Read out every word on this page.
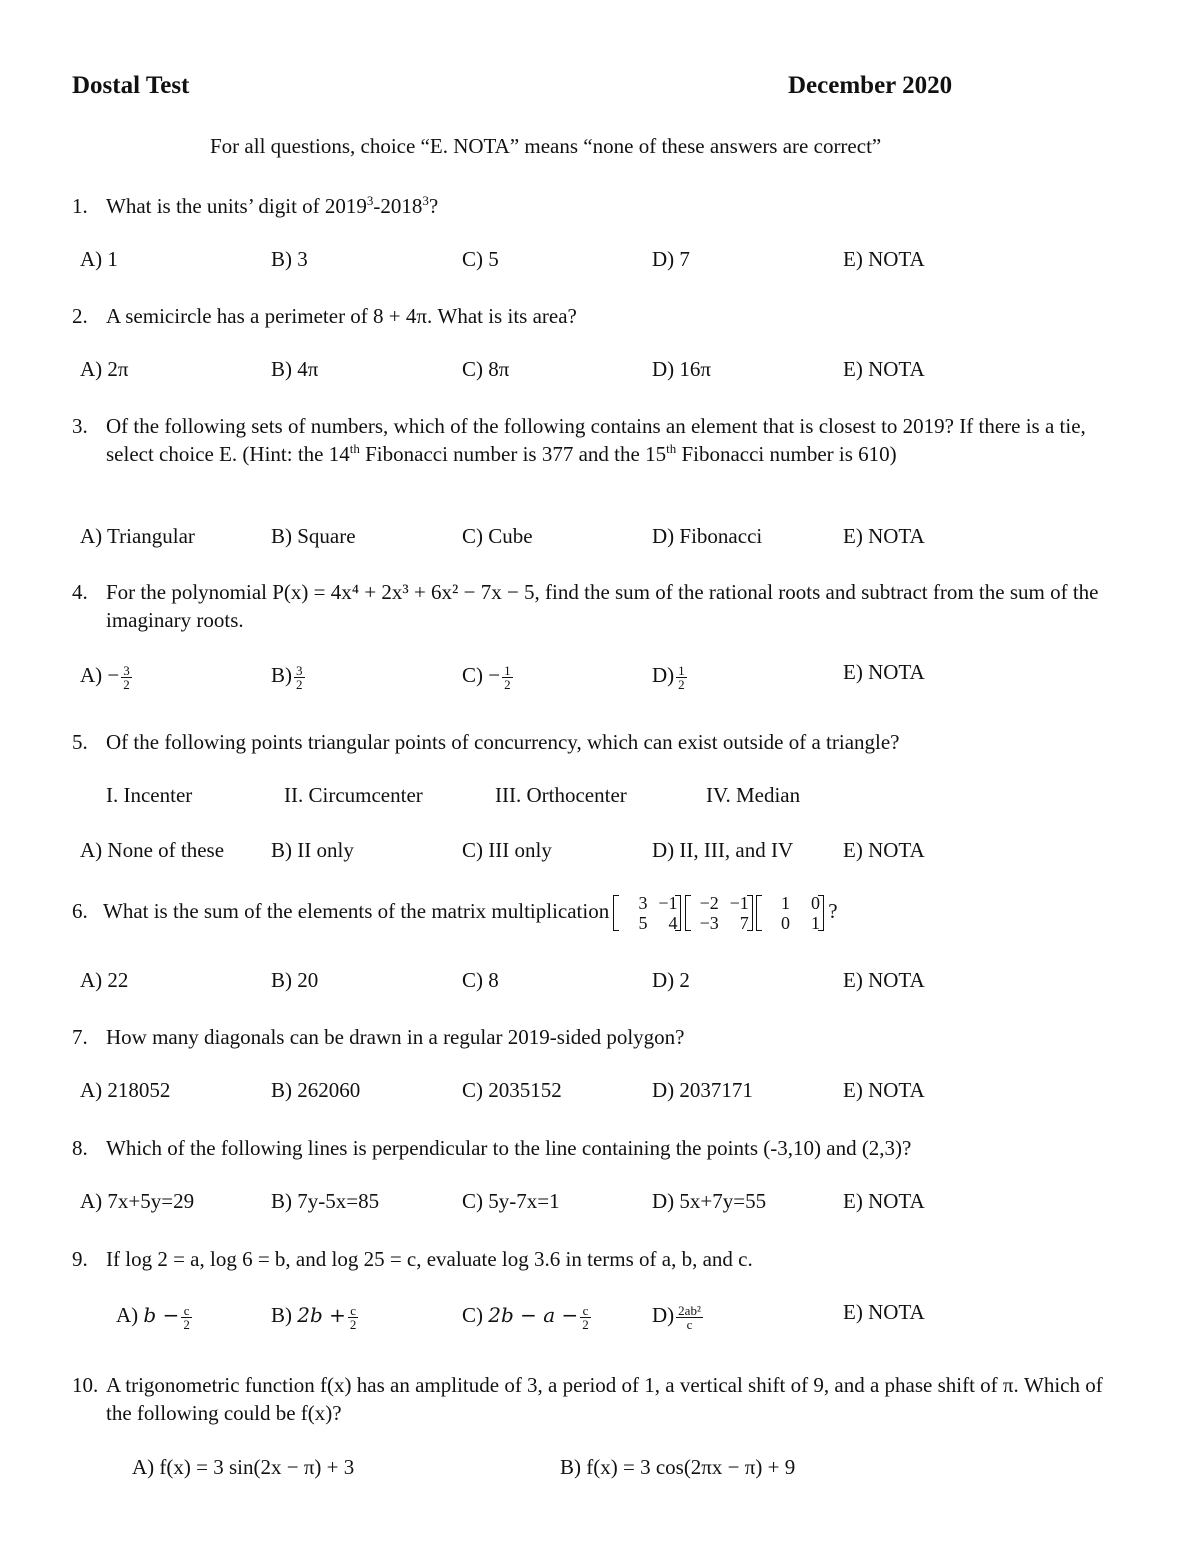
Dostal Test	December 2020
For all questions, choice “E. NOTA” means “none of these answers are correct”
1. What is the units’ digit of 2019$^3$-2018$^3$?
A) 1	B) 3	C) 5	D) 7	E) NOTA
2. A semicircle has a perimeter of 8 + 4π. What is its area?
A) 2π	B) 4π	C) 8π	D) 16π	E) NOTA
3. Of the following sets of numbers, which of the following contains an element that is closest to 2019? If there is a tie, select choice E. (Hint: the 14th Fibonacci number is 377 and the 15th Fibonacci number is 610)
A) Triangular	B) Square	C) Cube	D) Fibonacci	E) NOTA
4. For the polynomial P(x) = 4x⁴ + 2x³ + 6x² − 7x − 5, find the sum of the rational roots and subtract from the sum of the imaginary roots.
$A) - \frac{3}{2}$	$B) \frac{3}{2}$	$C) - \frac{1}{2}$	$D) \frac{1}{2}$	E) NOTA
5. Of the following points triangular points of concurrency, which can exist outside of a triangle?
I. Incenter	II. Circumcenter	III. Orthocenter	IV. Median
A) None of these B) II only	C) III only	D) II, III, and IV E) NOTA
6. What is the sum of the elements of the matrix multiplication	3 −1
5 4

−2 −1
−3 7

1 0
0 1
?
A) 22	B) 20	C) 8	D) 2	E) NOTA
7. How many diagonals can be drawn in a regular 2019-sided polygon?
A) 218052	B) 262060	C) 2035152	D) 2037171	E) NOTA
8. Which of the following lines is perpendicular to the line containing the points (-3,10) and (2,3)?
A) 7x+5y=29	B) 7y-5x=85	C) 5y-7x=1	D) 5x+7y=55	E) NOTA
9. If log 2 = a, log 6 = b, and log 25 = c, evaluate log 3.6 in terms of a, b, and c.
A) $b - \frac{c}{2}$	B) $2b + \frac{c}{2}$	C) $2b - a - \frac{c}{2}$	$D) \frac{\text{2ab²}}{c}$	E) NOTA
10. A trigonometric function f(x) has an amplitude of 3, a period of 1, a vertical shift of 9, and a phase shift of π. Which of the following could be f(x)?
A) f(x) = 3 sin(2x − π) + 3	B) f(x) = 3 cos(2πx − π) + 9
